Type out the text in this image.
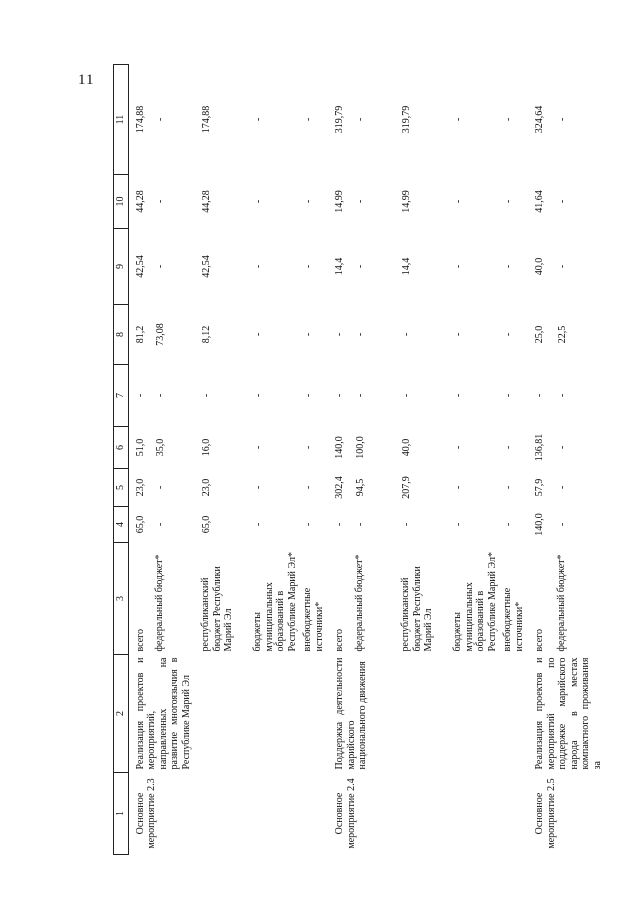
11
1	2	3	4	5	6	7	8	9	10	11
Основное мероприятие 2.3	Реализация проектов и мероприятий, направленных на развитие многоязычия в Республике Марий Эл	всего	65,0	23,0	51,0	-	81,2	42,54	44,28	174,88
		федеральный бюджет*	-	-	35,0	-	73,08	-	-	-
		республиканский бюджет Республики Марий Эл	65,0	23,0	16,0	-	8,12	42,54	44,28	174,88
		бюджеты муниципальных образований в Республике Марий Эл*	-	-	-	-	-	-	-	-
		внебюджетные источники*	-	-	-	-	-	-	-	-
Основное мероприятие 2.4	Поддержка деятельности марийского национального движения	всего	-	302,4	140,0	-	-	14,4	14,99	319,79
		федеральный бюджет*	-	94,5	100,0	-	-	-	-	-
		республиканский бюджет Республики Марий Эл	-	207,9	40,0	-	-	14,4	14,99	319,79
		бюджеты муниципальных образований в Республике Марий Эл*	-	-	-	-	-	-	-	-
		внебюджетные источники*	-	-	-	-	-	-	-	-
Основное мероприятие 2.5	Реализация проектов и мероприятий по поддержке марийского народа в местах компактного проживания за	всего	140,0	57,9	136,81	-	25,0	40,0	41,64	324,64
		федеральный бюджет*	-	-	-	-	22,5	-	-	-
